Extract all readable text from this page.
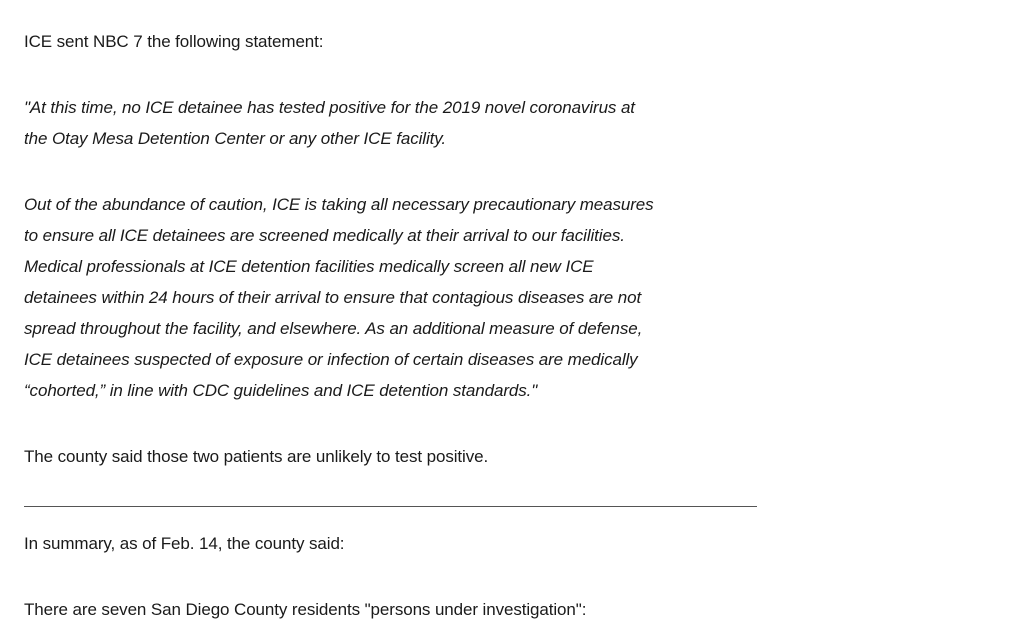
ICE sent NBC 7 the following statement:

"At this time, no ICE detainee has tested positive for the 2019 novel coronavirus at

the Otay Mesa Detention Center or any other ICE facility.

Out of the abundance of caution, ICE is taking all necessary precautionary measures

to ensure all ICE detainees are screened medically at their arrival to our facilities.

Medical professionals at ICE detention facilities medically screen all new ICE

detainees within 24 hours of their arrival to ensure that contagious diseases are not

spread throughout the facility, and elsewhere. As an additional measure of defense,

ICE detainees suspected of exposure or infection of certain diseases are medically

“cohorted,” in line with CDC guidelines and ICE detention standards."

The county said those two patients are unlikely to test positive.

In summary, as of Feb. 14, the county said:

There are seven San Diego County residents "persons under investigation":
